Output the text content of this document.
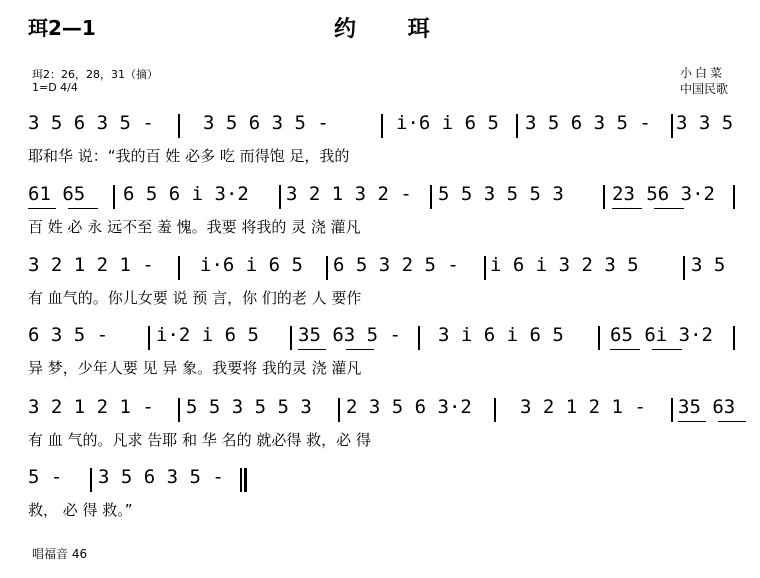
珥2—1	约 珥
珥2：26，28，31（摘）
1=D 4/4
小白菜
中国民歌
3 5 6 3 5 -	3 5 6 3 5 -	i·6 i 6 5 3 5 6 3 5 - 3 3 5
耶和华 说：“我的百 姓 必多 吃 而得饱 足，我的
61 65 6 5 6 i 3·2 3 2 1 3 2 - 5 5 3 5 5 3	23 56 3·2
百 姓 必 永 远不至 羞 愧。我要 将我的 灵 浇 灌凡
3 2 1 2 1 - i·6 i 6 5 6 5 3 2 5 - i 6 i 3 2 3 5	3 5
有 血气的。你儿女要 说 预 言，你 们的老 人 要作
6 3 5 -	i·2 i 6 5 35 63 5 - 3 i 6 i 6 5 65 6i 3·2
异 梦，少年人要 见 异 象。我要将 我的灵 浇 灌凡
3 2 1 2 1 - 5 5 3 5 5 3 2 3 5 6 3·2	3 2 1 2 1 - 35 63
有 血 气的。凡求 告耶 和 华 名的 就必得 救，必 得
5 - 3 5 6 3 5 -
救， 必 得 救。”
唱福音 46
